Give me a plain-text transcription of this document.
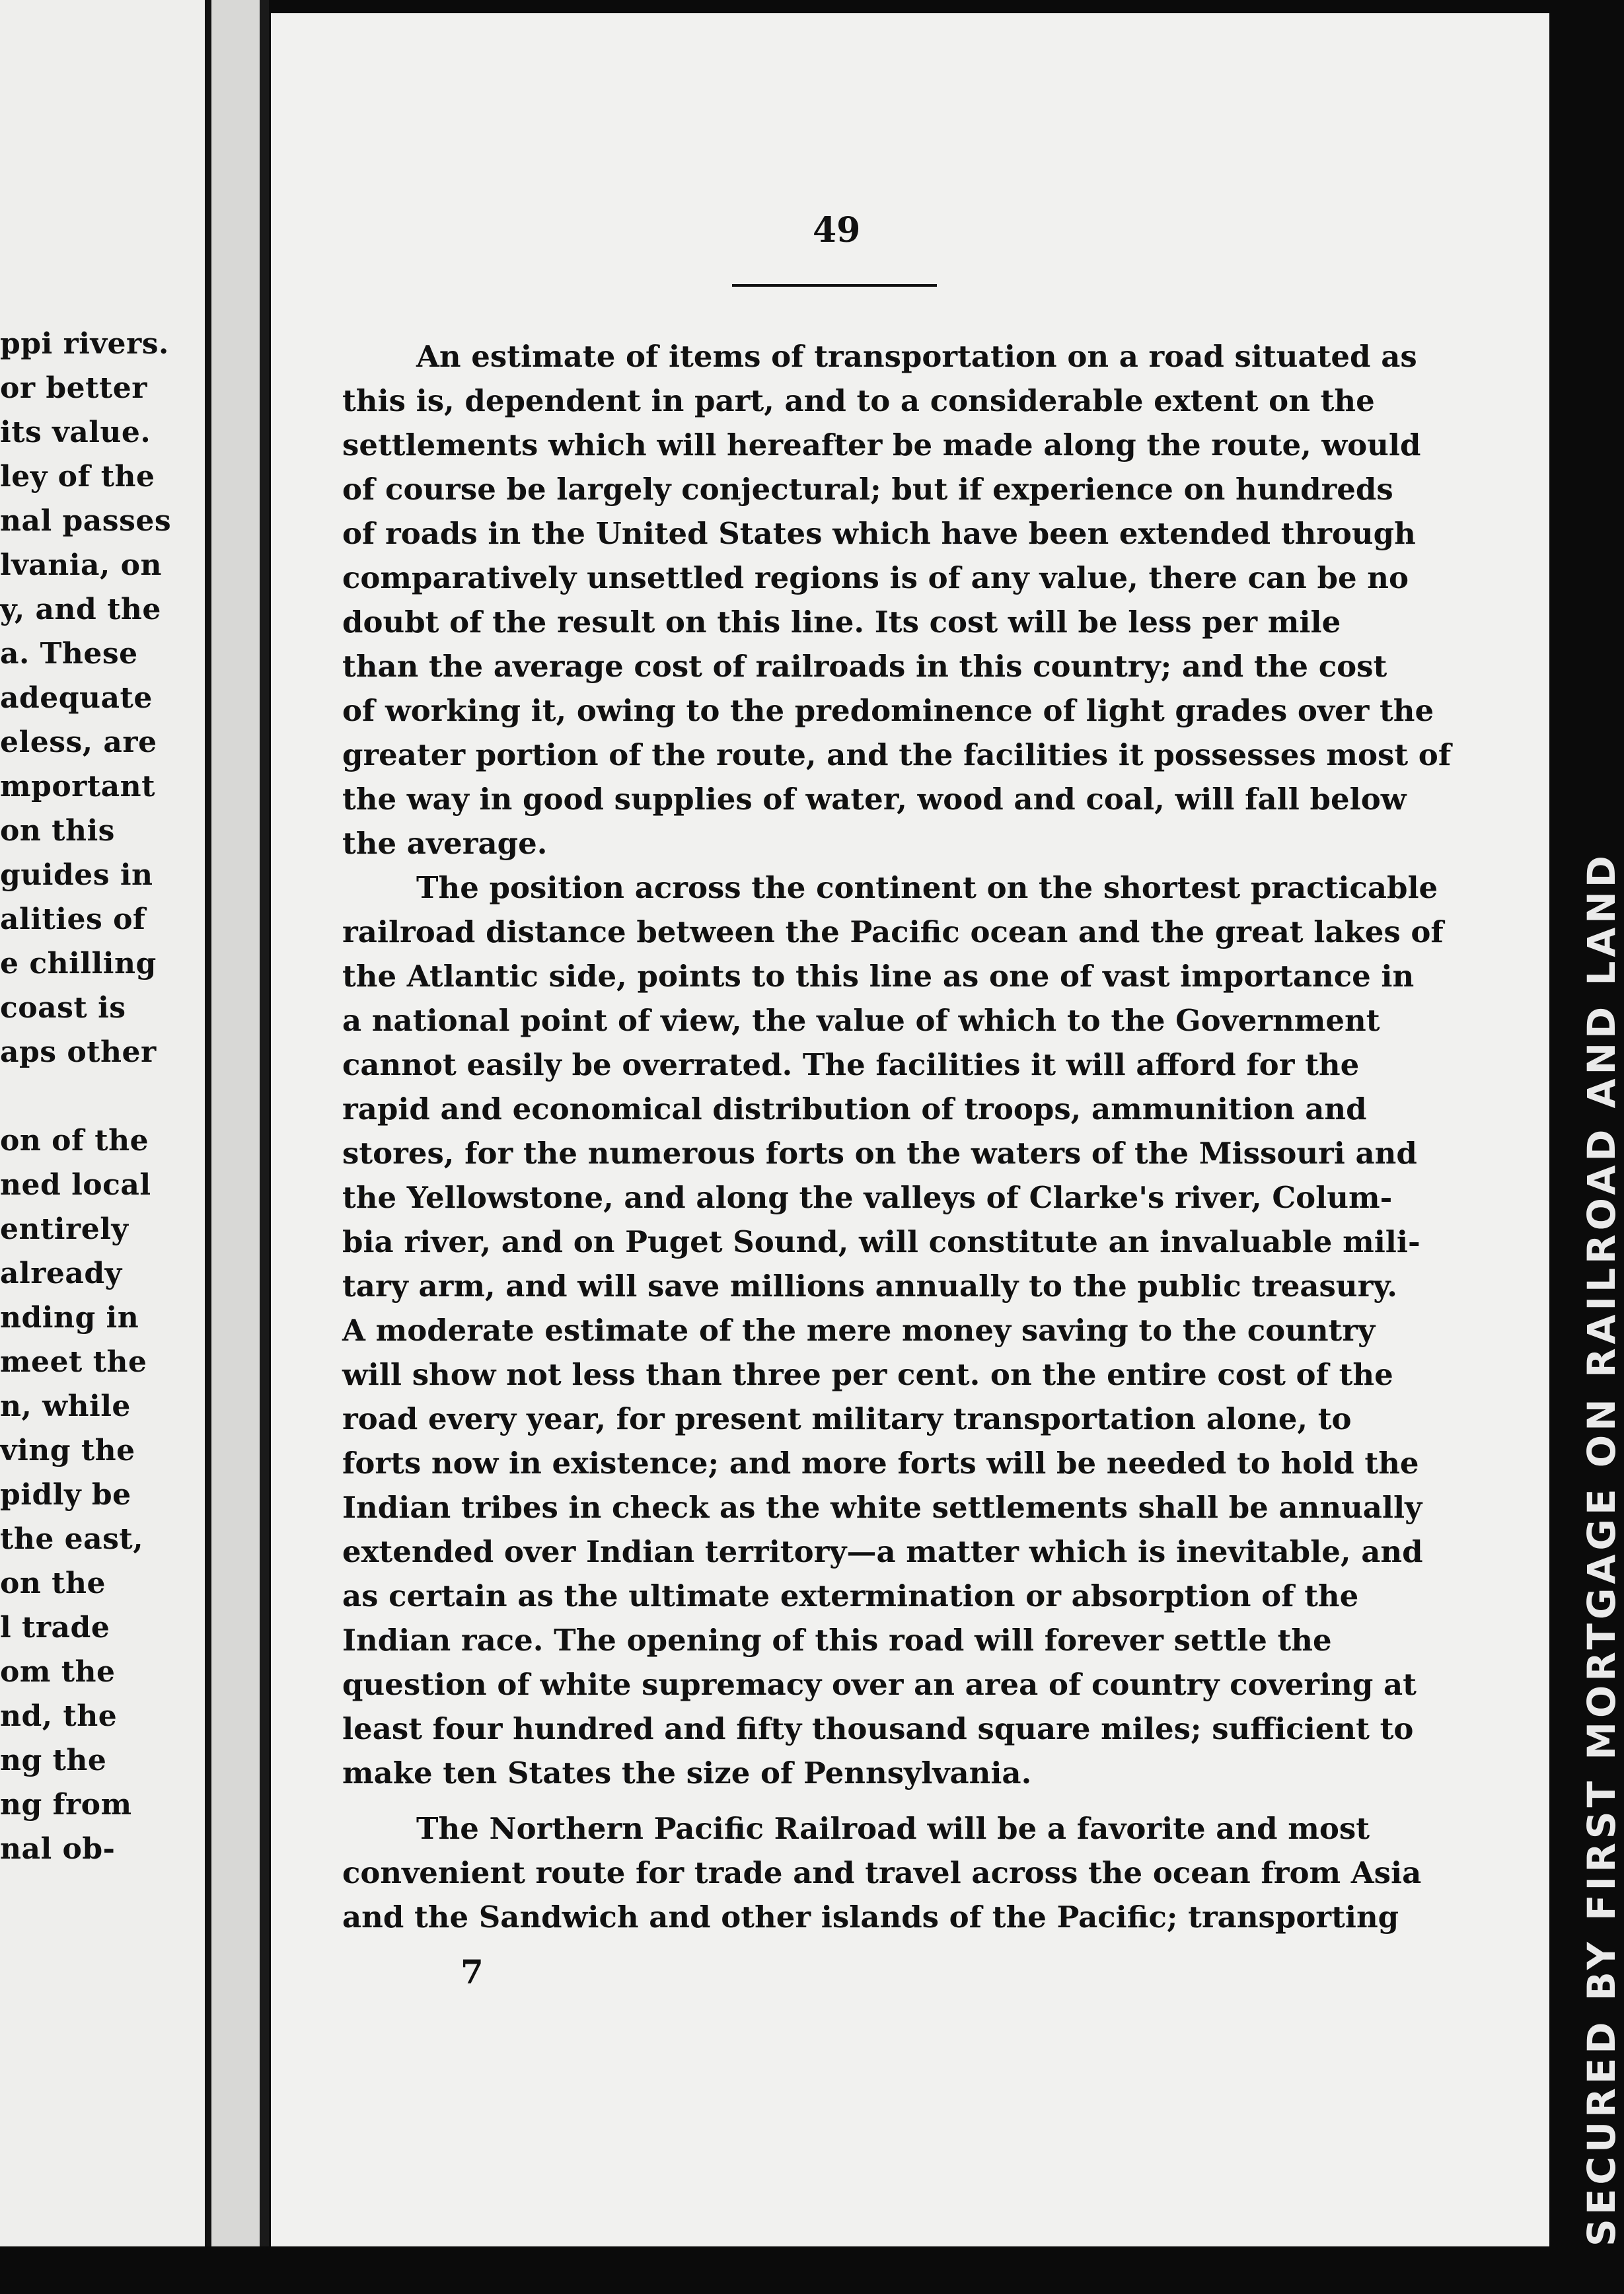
ppi rivers.
or better
its value.
ley of the
nal passes
lvania, on
y, and the
a. These
adequate
eless, are
mportant
on this
guides in
alities of
e chilling
coast is
aps other
on of the
ned local
entirely
already
nding in
meet the
n, while
ving the
pidly be
the east,
on the
l trade
om the
nd, the
ng the
ng from
nal ob-
49
An estimate of items of transportation on a road situated as
this is, dependent in part, and to a considerable extent on the
settlements which will hereafter be made along the route, would
of course be largely conjectural; but if experience on hundreds
of roads in the United States which have been extended through
comparatively unsettled regions is of any value, there can be no
doubt of the result on this line. Its cost will be less per mile
than the average cost of railroads in this country; and the cost
of working it, owing to the predominence of light grades over the
greater portion of the route, and the facilities it possesses most of
the way in good supplies of water, wood and coal, will fall below
the average.
The position across the continent on the shortest practicable
railroad distance between the Pacific ocean and the great lakes of
the Atlantic side, points to this line as one of vast importance in
a national point of view, the value of which to the Government
cannot easily be overrated. The facilities it will afford for the
rapid and economical distribution of troops, ammunition and
stores, for the numerous forts on the waters of the Missouri and
the Yellowstone, and along the valleys of Clarke's river, Colum-
bia river, and on Puget Sound, will constitute an invaluable mili-
tary arm, and will save millions annually to the public treasury.
A moderate estimate of the mere money saving to the country
will show not less than three per cent. on the entire cost of the
road every year, for present military transportation alone, to
forts now in existence; and more forts will be needed to hold the
Indian tribes in check as the white settlements shall be annually
extended over Indian territory—a matter which is inevitable, and
as certain as the ultimate extermination or absorption of the
Indian race. The opening of this road will forever settle the
question of white supremacy over an area of country covering at
least four hundred and fifty thousand square miles; sufficient to
make ten States the size of Pennsylvania.
The Northern Pacific Railroad will be a favorite and most
convenient route for trade and travel across the ocean from Asia
and the Sandwich and other islands of the Pacific; transporting
7	SECURED BY FIRST MORTGAGE ON RAILROAD AND LAND
